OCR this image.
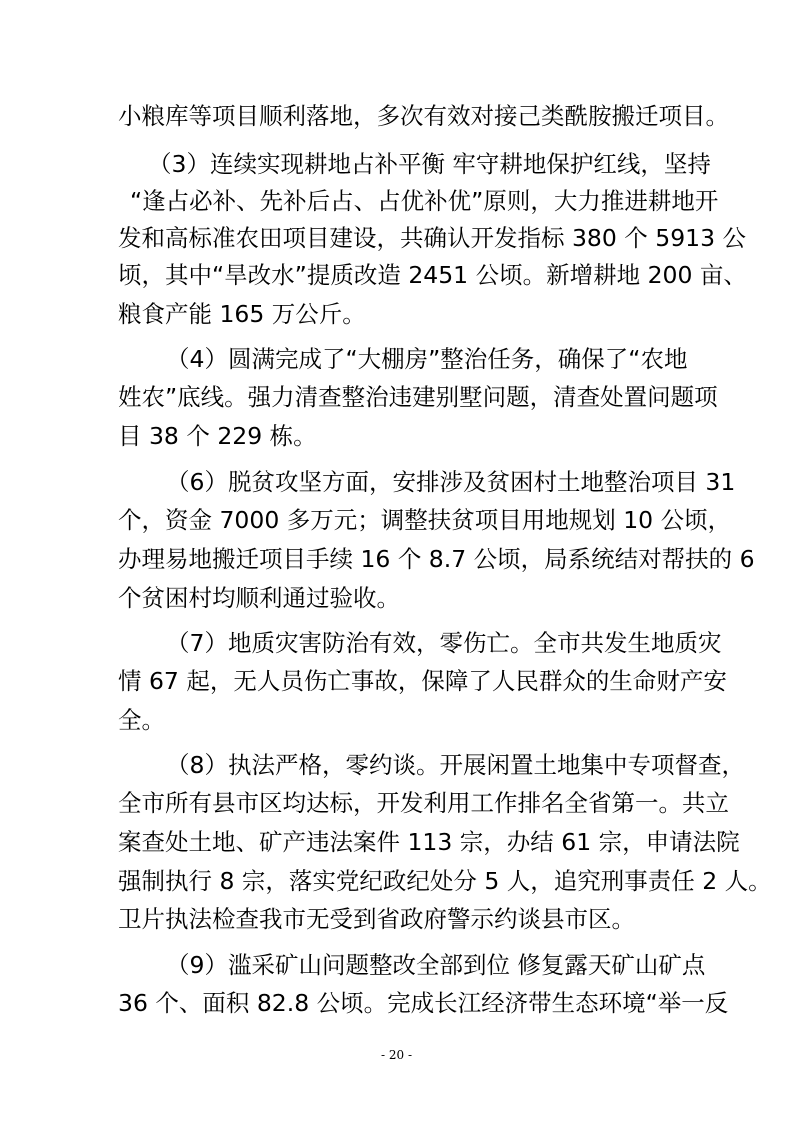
小粮库等项目顺利落地，多次有效对接己类酰胺搬迁项目。
（3）连续实现耕地占补平衡 牢守耕地保护红线，坚持
“逢占必补、先补后占、占优补优”原则，大力推进耕地开
发和高标准农田项目建设，共确认开发指标 380 个 5913 公
顷，其中“旱改水”提质改造 2451 公顷。新增耕地 200 亩、
粮食产能 165 万公斤。
（4）圆满完成了“大棚房”整治任务，确保了“农地
姓农”底线。强力清查整治违建别墅问题，清查处置问题项
目 38 个 229 栋。
（6）脱贫攻坚方面，安排涉及贫困村土地整治项目 31
个，资金 7000 多万元；调整扶贫项目用地规划 10 公顷，
办理易地搬迁项目手续 16 个 8.7 公顷，局系统结对帮扶的 6
个贫困村均顺利通过验收。
（7）地质灾害防治有效，零伤亡。全市共发生地质灾
情 67 起，无人员伤亡事故，保障了人民群众的生命财产安
全。
（8）执法严格，零约谈。开展闲置土地集中专项督查，
全市所有县市区均达标，开发利用工作排名全省第一。共立
案查处土地、矿产违法案件 113 宗，办结 61 宗，申请法院
强制执行 8 宗，落实党纪政纪处分 5 人，追究刑事责任 2 人。
卫片执法检查我市无受到省政府警示约谈县市区。
（9）滥采矿山问题整改全部到位 修复露天矿山矿点
36 个、面积 82.8 公顷。完成长江经济带生态环境“举一反
- 20 -
